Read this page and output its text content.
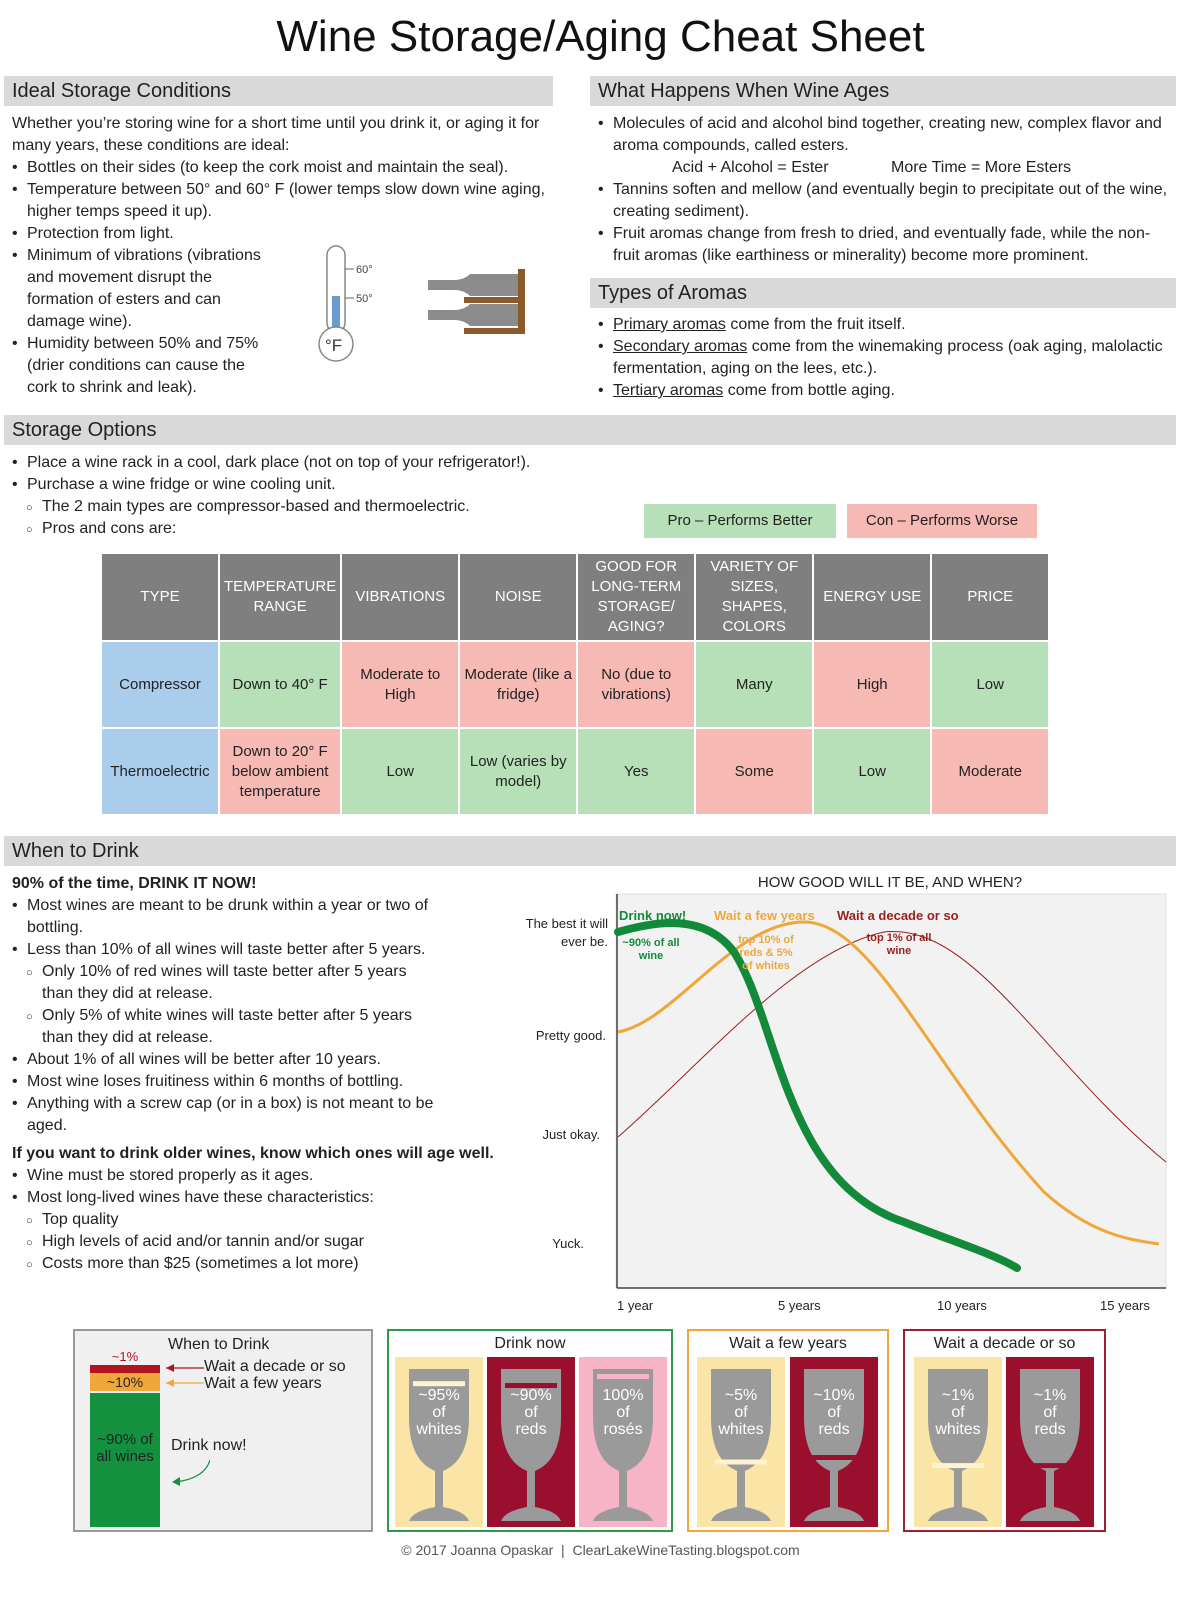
Wine Storage/Aging Cheat Sheet
Ideal Storage Conditions
Whether you’re storing wine for a short time until you drink it, or aging it for many years, these conditions are ideal:
• Bottles on their sides (to keep the cork moist and maintain the seal).
• Temperature between 50° and 60° F (lower temps slow down wine aging, higher temps speed it up).
• Protection from light.
• Minimum of vibrations (vibrations and movement disrupt the formation of esters and can damage wine).
• Humidity between 50% and 75% (drier conditions can cause the cork to shrink and leak).
60°
50°
°F
What Happens When Wine Ages
• Molecules of acid and alcohol bind together, creating new, complex flavor and aroma compounds, called esters.
Acid + Alcohol = Ester	More Time = More Esters
• Tannins soften and mellow (and eventually begin to precipitate out of the wine, creating sediment).
• Fruit aromas change from fresh to dried, and eventually fade, while the non-fruit aromas (like earthiness or minerality) become more prominent.
Types of Aromas
• Primary aromas come from the fruit itself.
• Secondary aromas come from the winemaking process (oak aging, malolactic fermentation, aging on the lees, etc.).
• Tertiary aromas come from bottle aging.
Storage Options
• Place a wine rack in a cool, dark place (not on top of your refrigerator!).
• Purchase a wine fridge or wine cooling unit.
○ The 2 main types are compressor-based and thermoelectric.
○ Pros and cons are:	Pro – Performs Better	Con – Performs Worse
TYPE	TEMPERATURE RANGE	VIBRATIONS	NOISE	GOOD FOR LONG-TERM STORAGE/ AGING?	VARIETY OF SIZES, SHAPES, COLORS	ENERGY USE	PRICE
Compressor	Down to 40° F	Moderate to High	Moderate (like a fridge)	No (due to vibrations)	Many	High	Low
Thermoelectric	Down to 20° F below ambient temperature	Low	Low (varies by model)	Yes	Some	Low	Moderate
When to Drink
90% of the time, DRINK IT NOW!
• Most wines are meant to be drunk within a year or two of bottling.
• Less than 10% of all wines will taste better after 5 years.
○ Only 10% of red wines will taste better after 5 years than they did at release.
○ Only 5% of white wines will taste better after 5 years than they did at release.
• About 1% of all wines will be better after 10 years.
• Most wine loses fruitiness within 6 months of bottling.
• Anything with a screw cap (or in a box) is not meant to be aged.
If you want to drink older wines, know which ones will age well.
• Wine must be stored properly as it ages.
• Most long-lived wines have these characteristics:
○ Top quality
○ High levels of acid and/or tannin and/or sugar
○ Costs more than $25 (sometimes a lot more)
HOW GOOD WILL IT BE, AND WHEN?
The best it will ever be.
Pretty good.
Just okay.
Yuck.
Drink now! Wait a few years Wait a decade or so
~90% of all wine
top 10% of reds & 5% of whites
top 1% of all wine
1 year	5 years	10 years	15 years
When to Drink
~1%
~10%
~90% of all wines
Wait a decade or so
Wait a few years
Drink now!
Drink now	Wait a few years	Wait a decade or so
~95%
of
whites
~90%
of
reds
100%
of
rosés
~5%
of
whites
~10%
of
reds
~1%
of
whites
~1%
of
reds
© 2017 Joanna Opaskar  |  ClearLakeWineTasting.blogspot.com
